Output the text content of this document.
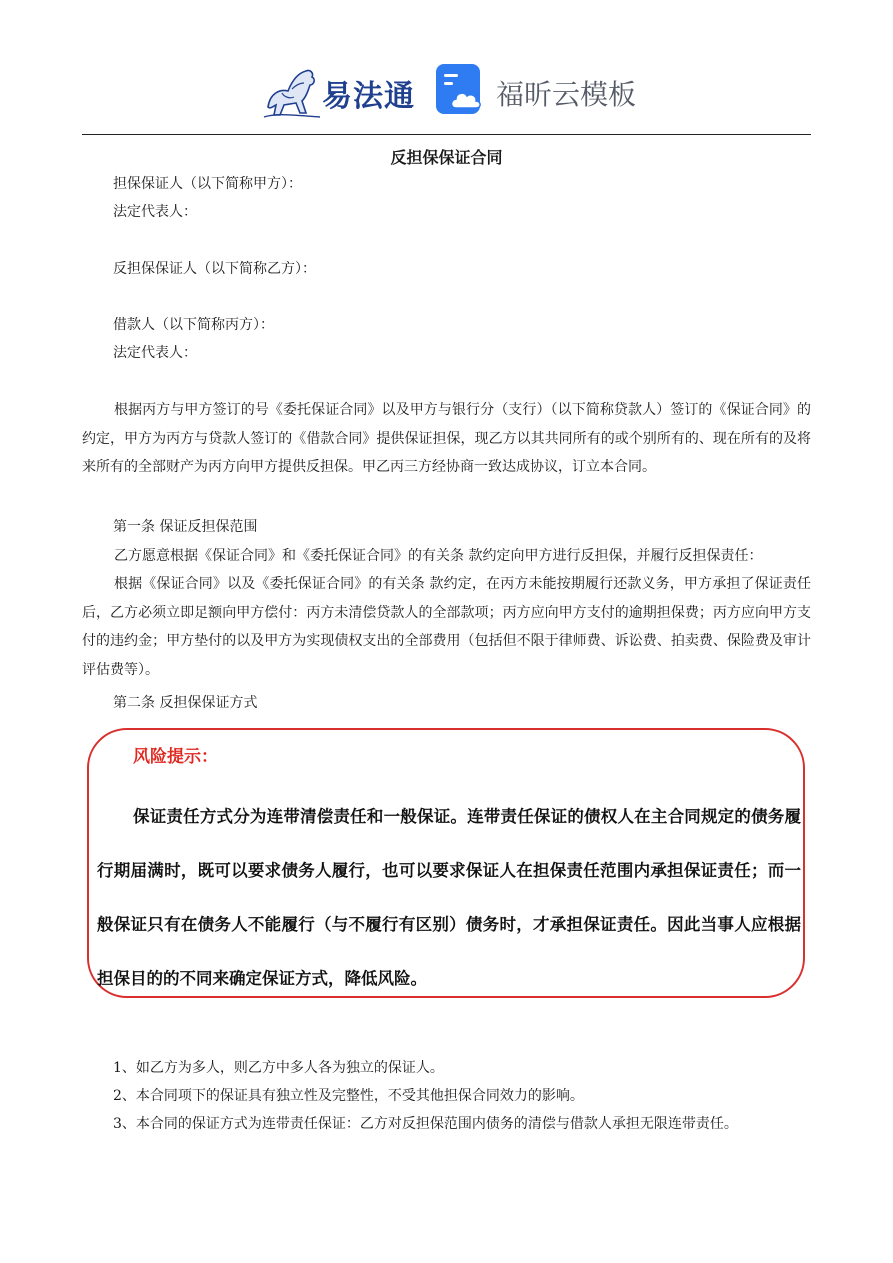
易法通	福昕云模板
反担保保证合同
担保保证人（以下简称甲方）：
法定代表人：
反担保保证人（以下简称乙方）：
借款人（以下简称丙方）：
法定代表人：
根据丙方与甲方签订的号《委托保证合同》以及甲方与银行分（支行）（以下简称贷款人）签订的《保证合同》的约定，甲方为丙方与贷款人签订的《借款合同》提供保证担保，现乙方以其共同所有的或个别所有的、现在所有的及将来所有的全部财产为丙方向甲方提供反担保。甲乙丙三方经协商一致达成协议，订立本合同。
第一条 保证反担保范围
乙方愿意根据《保证合同》和《委托保证合同》的有关条 款约定向甲方进行反担保，并履行反担保责任：
根据《保证合同》以及《委托保证合同》的有关条 款约定，在丙方未能按期履行还款义务，甲方承担了保证责任后，乙方必须立即足额向甲方偿付：丙方未清偿贷款人的全部款项；丙方应向甲方支付的逾期担保费；丙方应向甲方支付的违约金；甲方垫付的以及甲方为实现债权支出的全部费用（包括但不限于律师费、诉讼费、拍卖费、保险费及审计评估费等）。
第二条 反担保保证方式
风险提示：
保证责任方式分为连带清偿责任和一般保证。连带责任保证的债权人在主合同规定的债务履行期届满时，既可以要求债务人履行，也可以要求保证人在担保责任范围内承担保证责任；而一般保证只有在债务人不能履行（与不履行有区别）债务时，才承担保证责任。因此当事人应根据担保目的的不同来确定保证方式，降低风险。
1、如乙方为多人，则乙方中多人各为独立的保证人。
2、本合同项下的保证具有独立性及完整性，不受其他担保合同效力的影响。
3、本合同的保证方式为连带责任保证：乙方对反担保范围内债务的清偿与借款人承担无限连带责任。
